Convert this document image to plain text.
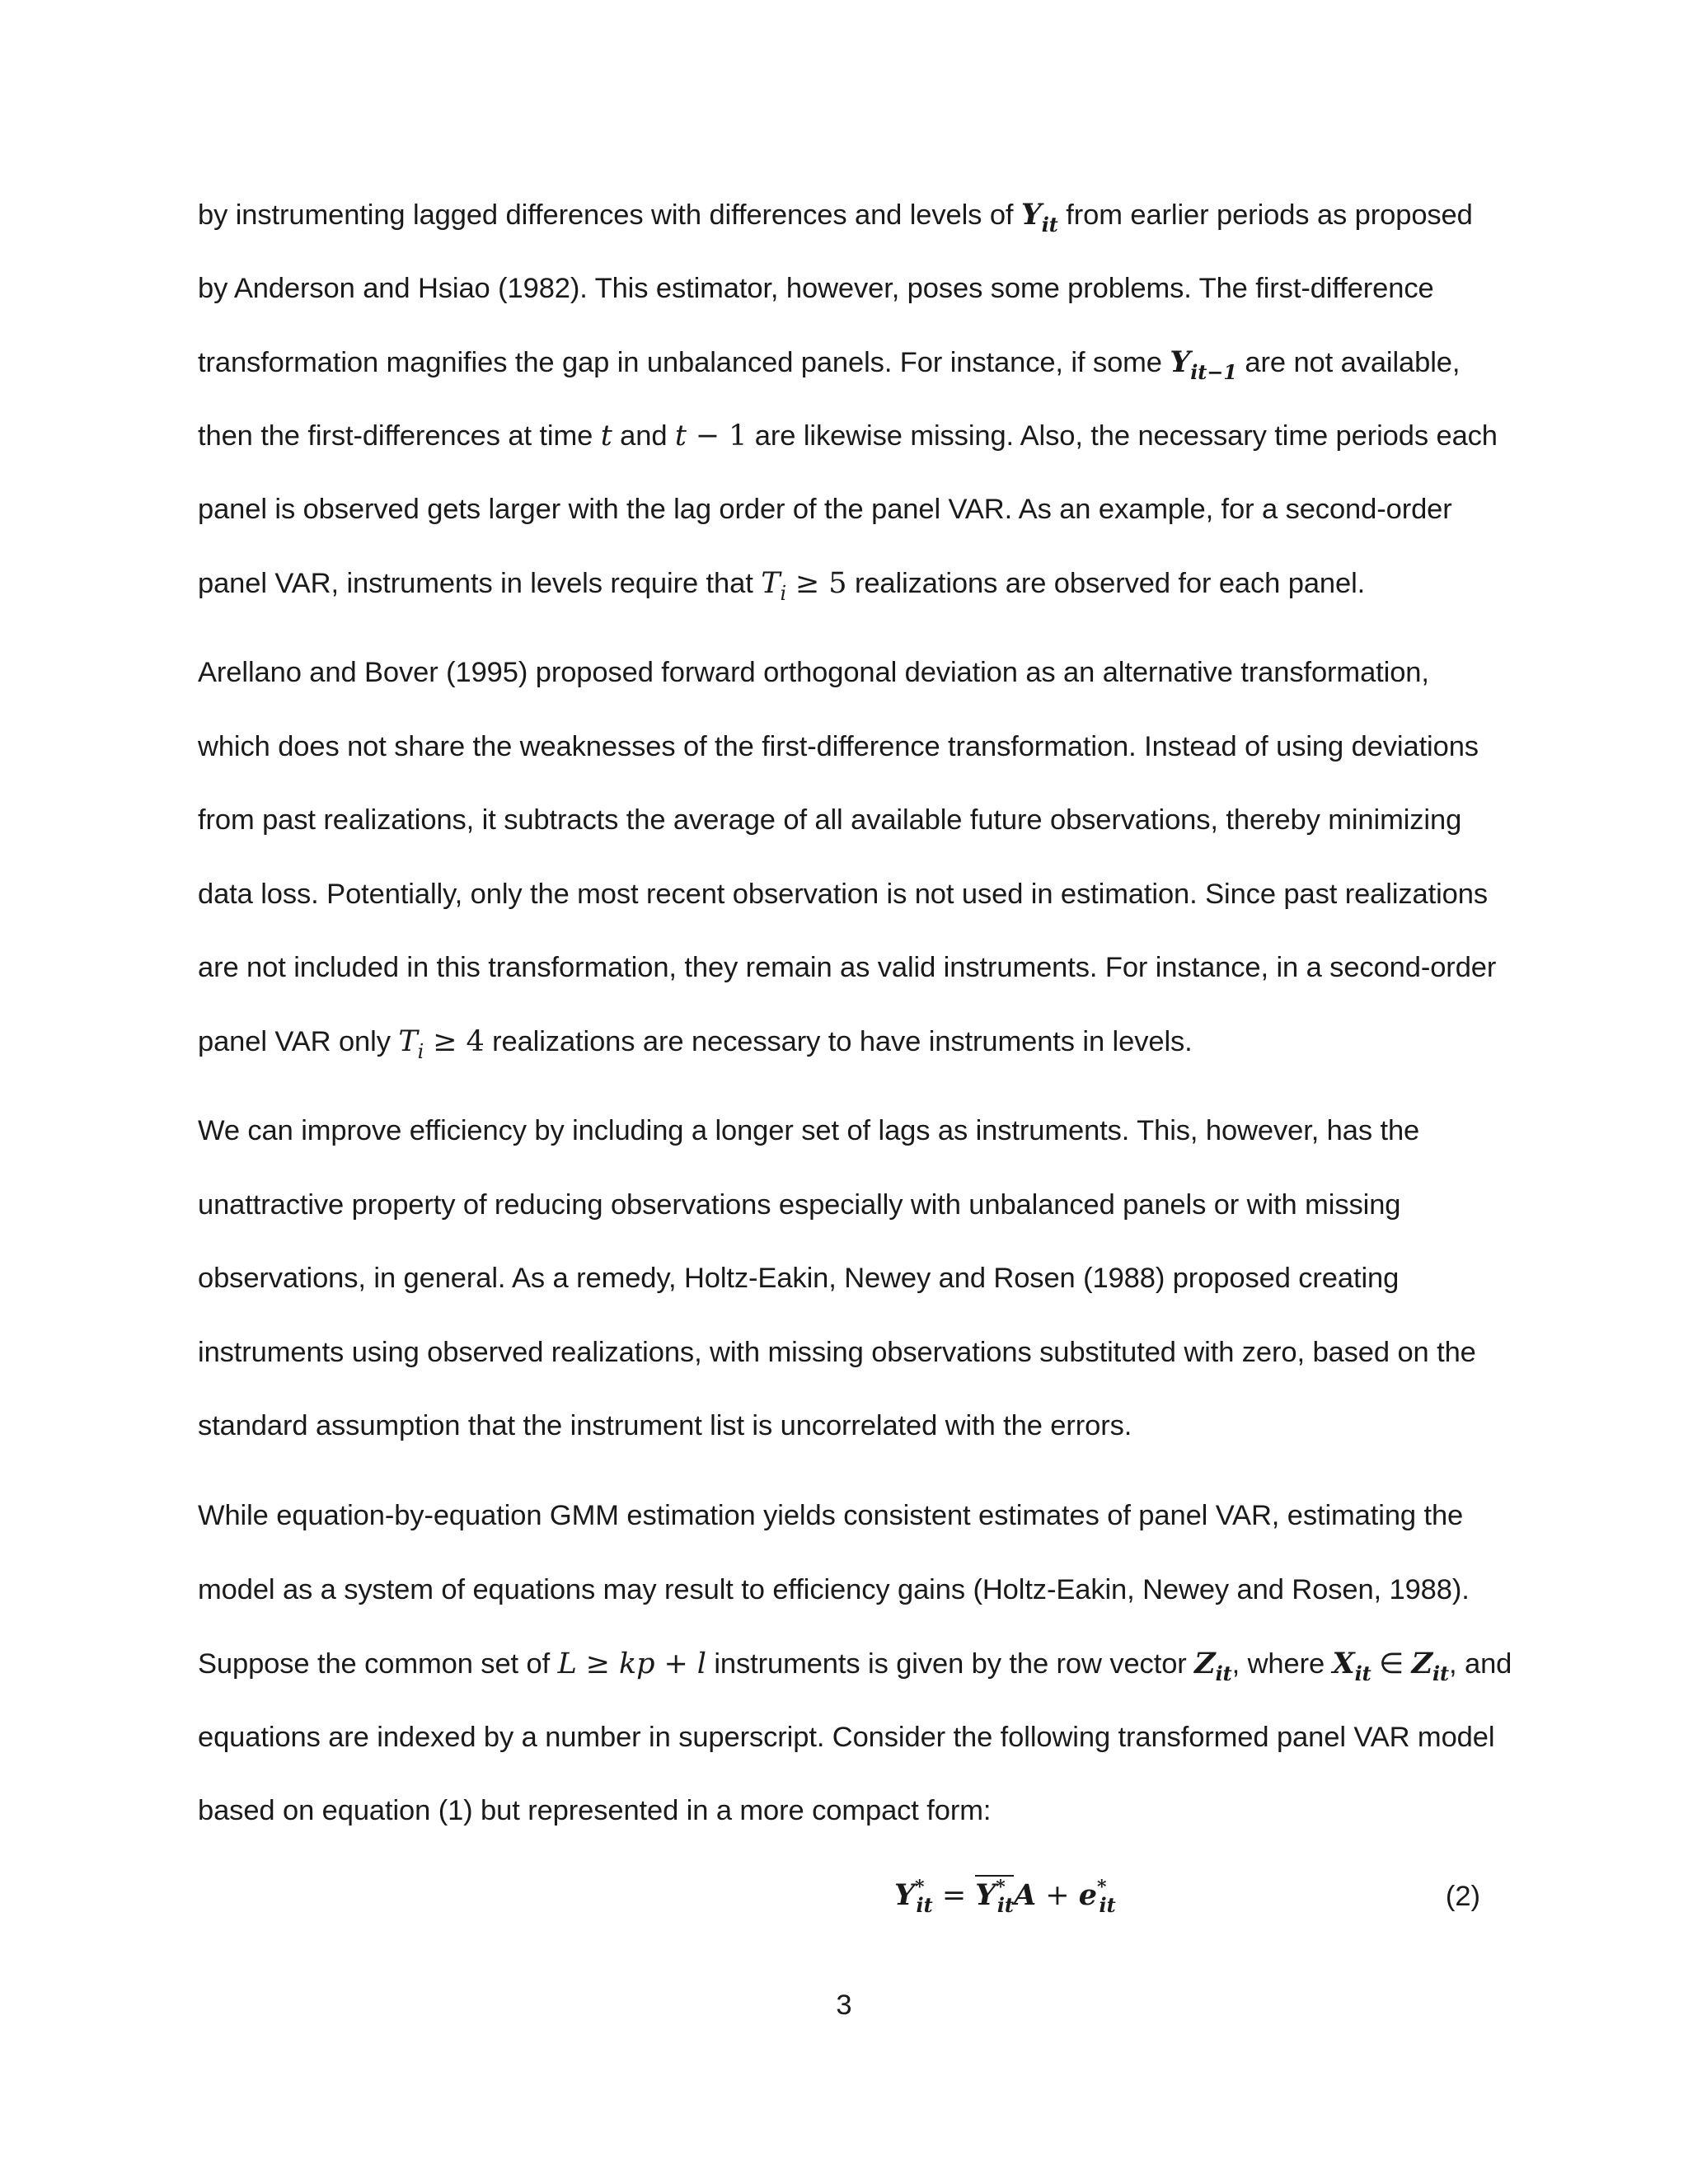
by instrumenting lagged differences with differences and levels of $Y_{it}$ from earlier periods as proposed
by Anderson and Hsiao (1982). This estimator, however, poses some problems. The first-difference
transformation magnifies the gap in unbalanced panels. For instance, if some $Y_{it-1}$ are not available,
then the first-differences at time t and t − 1 are likewise missing. Also, the necessary time periods each
panel is observed gets larger with the lag order of the panel VAR. As an example, for a second-order
panel VAR, instruments in levels require that $T_i \ge 5$ realizations are observed for each panel.
Arellano and Bover (1995) proposed forward orthogonal deviation as an alternative transformation,
which does not share the weaknesses of the first-difference transformation. Instead of using deviations
from past realizations, it subtracts the average of all available future observations, thereby minimizing
data loss. Potentially, only the most recent observation is not used in estimation. Since past realizations
are not included in this transformation, they remain as valid instruments. For instance, in a second-order
panel VAR only $T_i \ge 4$ realizations are necessary to have instruments in levels.
We can improve efficiency by including a longer set of lags as instruments. This, however, has the
unattractive property of reducing observations especially with unbalanced panels or with missing
observations, in general. As a remedy, Holtz-Eakin, Newey and Rosen (1988) proposed creating
instruments using observed realizations, with missing observations substituted with zero, based on the
standard assumption that the instrument list is uncorrelated with the errors.
While equation-by-equation GMM estimation yields consistent estimates of panel VAR, estimating the
model as a system of equations may result to efficiency gains (Holtz-Eakin, Newey and Rosen, 1988).
Suppose the common set of L ≥ kp + l instruments is given by the row vector $Z_{it}$, where $X_{it}$ ∈ $Z_{it}$, and
equations are indexed by a number in superscript. Consider the following transformed panel VAR model
based on equation (1) but represented in a more compact form:
$Y^*_{it} = Y^*_{it}A + e^*_{it}$	(2)
3
